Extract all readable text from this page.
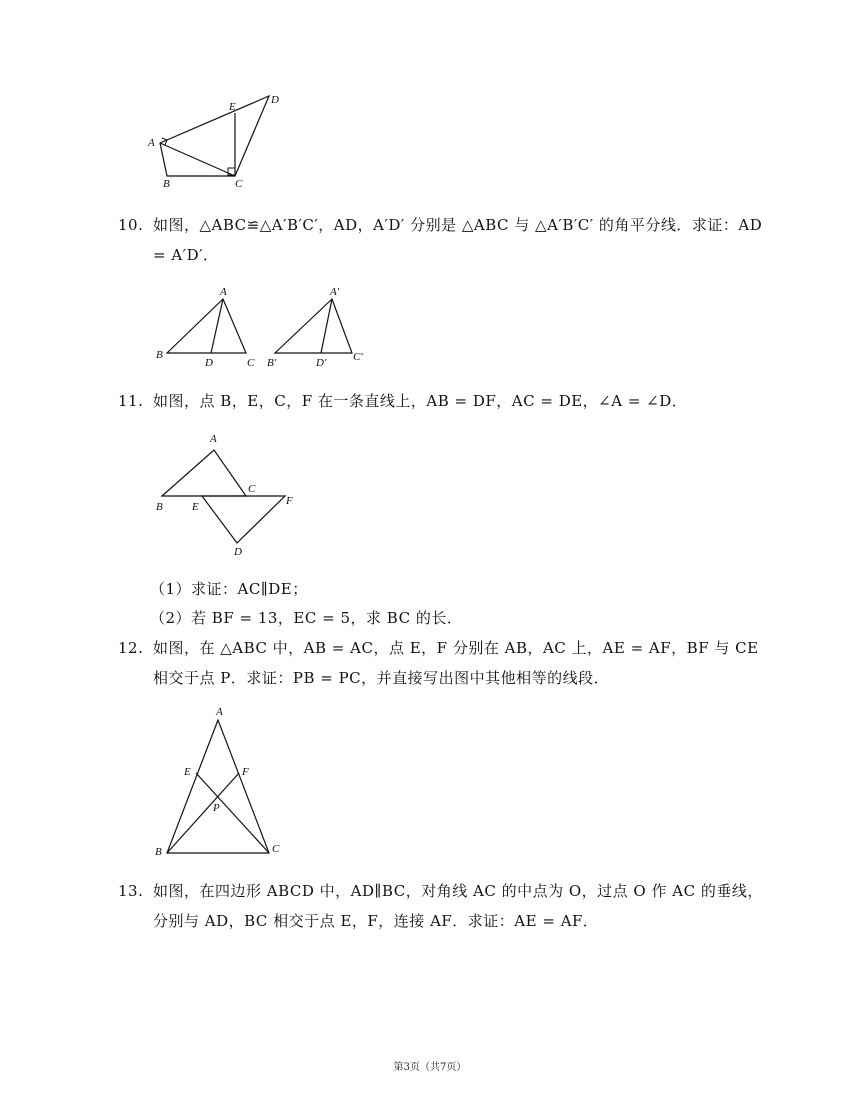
A
B	C
D
E
10. 如图，△ABC≌△A′B′C′，AD，A′D′ 分别是 △ABC 与 △A′B′C′ 的角平分线．求证：AD = A′D′．
A
B
C
D
A′
B′	C′
D′
11. 如图，点 B，E，C，F 在一条直线上，AB = DF，AC = DE，∠A = ∠D．
A
B
C
D
E	F
（1）求证：AC∥DE；
（2）若 BF = 13，EC = 5，求 BC 的长．
12. 如图，在 △ABC 中，AB = AC，点 E，F 分别在 AB，AC 上，AE = AF，BF 与 CE 相交于点 P．求证：PB = PC，并直接写出图中其他相等的线段．
A
B	C
E	F
P
13. 如图，在四边形 ABCD 中，AD∥BC，对角线 AC 的中点为 O，过点 O 作 AC 的垂线，分别与 AD，BC 相交于点 E，F，连接 AF．求证：AE = AF．
第3页（共7页）
